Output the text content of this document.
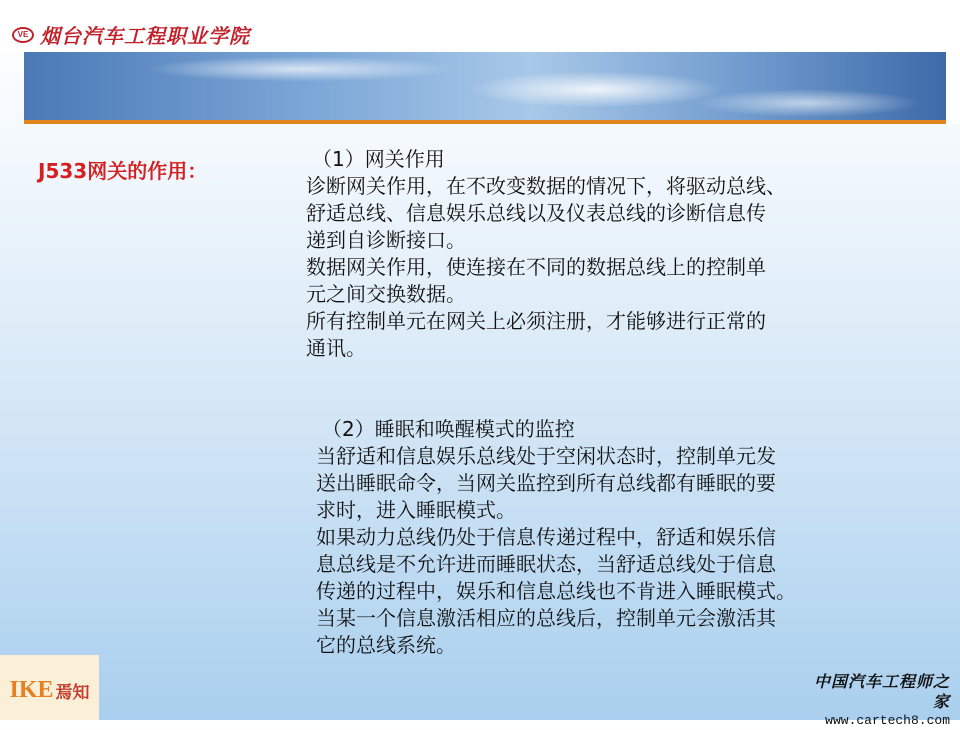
VE 烟台汽车工程职业学院
J533网关的作用：	（1）网关作用

诊断网关作用，在不改变数据的情况下，将驱动总线、

舒适总线、信息娱乐总线以及仪表总线的诊断信息传

递到自诊断接口。

数据网关作用，使连接在不同的数据总线上的控制单

元之间交换数据。

所有控制单元在网关上必须注册，才能够进行正常的

通讯。

（2）睡眠和唤醒模式的监控

当舒适和信息娱乐总线处于空闲状态时，控制单元发

送出睡眠命令，当网关监控到所有总线都有睡眠的要

求时，进入睡眠模式。

如果动力总线仍处于信息传递过程中，舒适和娱乐信

息总线是不允许进而睡眠状态，当舒适总线处于信息

传递的过程中，娱乐和信息总线也不肯进入睡眠模式。

当某一个信息激活相应的总线后，控制单元会激活其

它的总线系统。

IKE 焉知
中国汽车工程师之家
www.cartech8.com
